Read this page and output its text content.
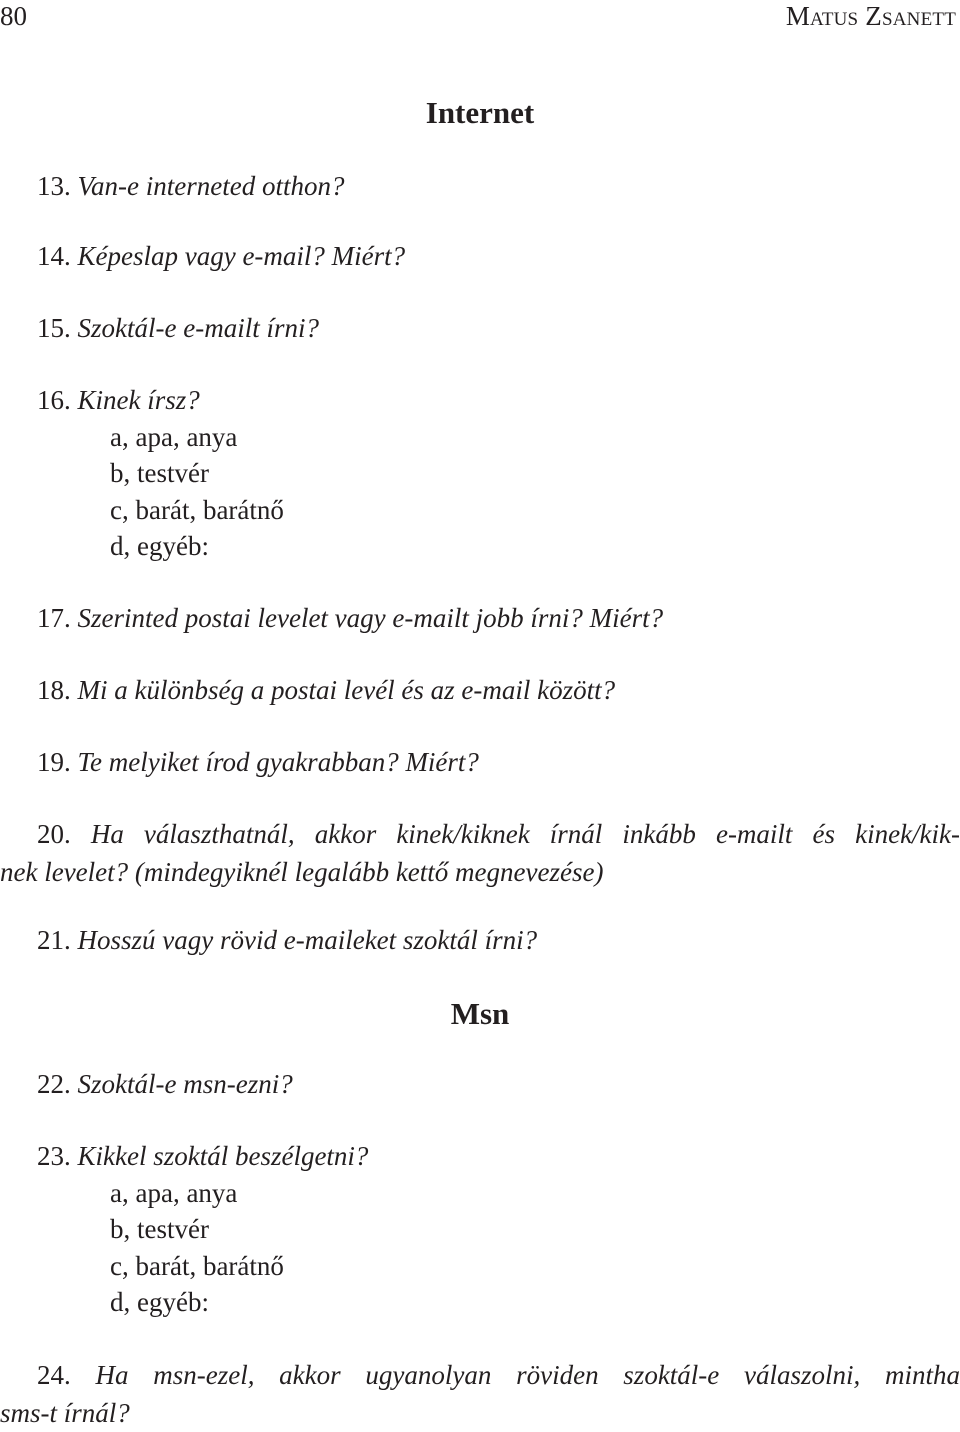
80	Matus Zsanett
Internet
13. Van-e interneted otthon?
14. Képeslap vagy e-mail? Miért?
15. Szoktál-e e-mailt írni?
16. Kinek írsz?
a, apa, anya
b, testvér
c, barát, barátnő
d, egyéb:
17. Szerinted postai levelet vagy e-mailt jobb írni? Miért?
18. Mi a különbség a postai levél és az e-mail között?
19. Te melyiket írod gyakrabban? Miért?
20. Ha választhatnál, akkor kinek/kiknek írnál inkább e-mailt és kinek/kik-
nek levelet? (mindegyiknél legalább kettő megnevezése)
21. Hosszú vagy rövid e-maileket szoktál írni?
Msn
22. Szoktál-e msn-ezni?
23. Kikkel szoktál beszélgetni?
a, apa, anya
b, testvér
c, barát, barátnő
d, egyéb:
24. Ha msn-ezel, akkor ugyanolyan röviden szoktál-e válaszolni, mintha
sms-t írnál?
